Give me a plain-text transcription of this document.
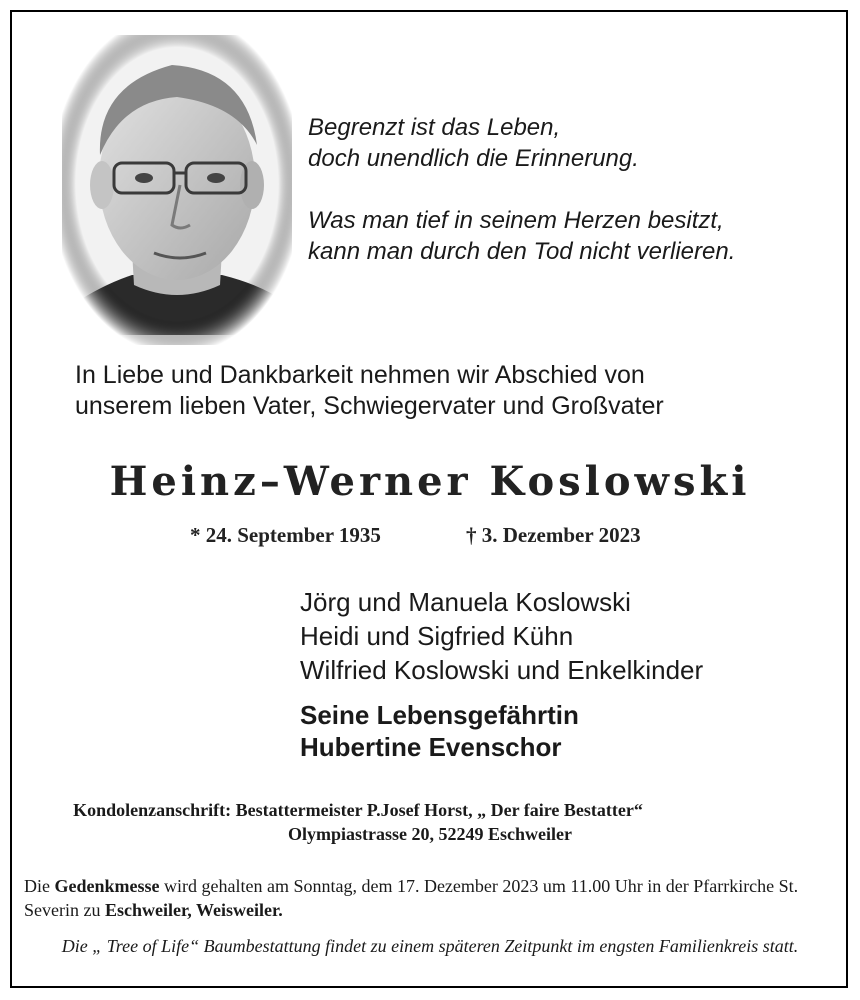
Begrenzt ist das Leben,
doch unendlich die Erinnerung.
Was man tief in seinem Herzen besitzt,
kann man durch den Tod nicht verlieren.
In Liebe und Dankbarkeit nehmen wir Abschied von
unserem lieben Vater, Schwiegervater und Großvater
Heinz–Werner Koslowski
* 24. September 1935	† 3. Dezember 2023
Jörg und Manuela Koslowski
Heidi und Sigfried Kühn
Wilfried Koslowski und Enkelkinder
Seine Lebensgefährtin
Hubertine Evenschor
Kondolenzanschrift: Bestattermeister P.Josef Horst, „ Der faire Bestatter“
Olympiastrasse 20, 52249 Eschweiler
Die Gedenkmesse wird gehalten am Sonntag, dem 17. Dezember 2023 um 11.00 Uhr in der Pfarrkirche St. Severin zu Eschweiler, Weisweiler.
Die „ Tree of Life“ Baumbestattung findet zu einem späteren Zeitpunkt im engsten Familienkreis statt.
